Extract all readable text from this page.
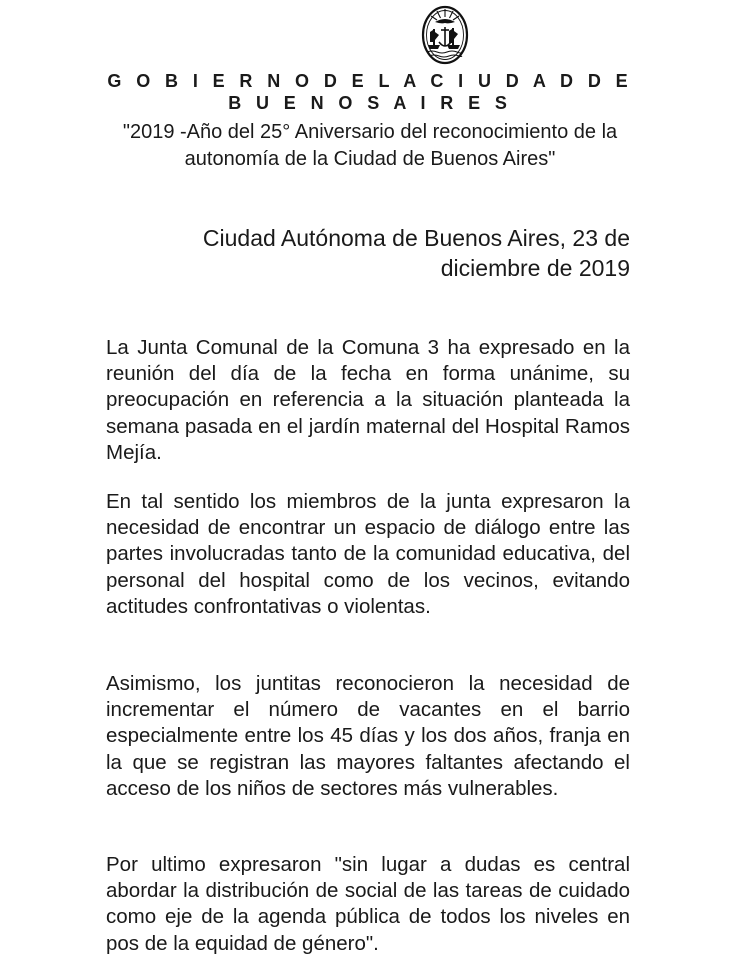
G O B I E R N O D E L A C I U D A D D E B U E N O S A I R E S

"2019 -Año del 25° Aniversario del reconocimiento de la autonomía de la Ciudad de Buenos Aires"

Ciudad Autónoma de Buenos Aires, 23 de diciembre de 2019

La Junta Comunal de la Comuna 3 ha expresado en la reunión del día de la fecha en forma unánime, su preocupación en referencia a la situación planteada la semana pasada en el jardín maternal del Hospital Ramos Mejía.

En tal sentido los miembros de la junta expresaron la necesidad de encontrar un espacio de diálogo entre las partes involucradas tanto de la comunidad educativa, del personal del hospital como de los vecinos, evitando actitudes confrontativas o violentas.

Asimismo, los juntitas reconocieron la necesidad de incrementar el número de vacantes en el barrio especialmente entre los 45 días y los dos años, franja en la que se registran las mayores faltantes afectando el acceso de los niños de sectores más vulnerables.

Por ultimo expresaron "sin lugar a dudas es central abordar la distribución de social de las tareas de cuidado como eje de la agenda pública de todos los niveles en pos de la equidad de género".
